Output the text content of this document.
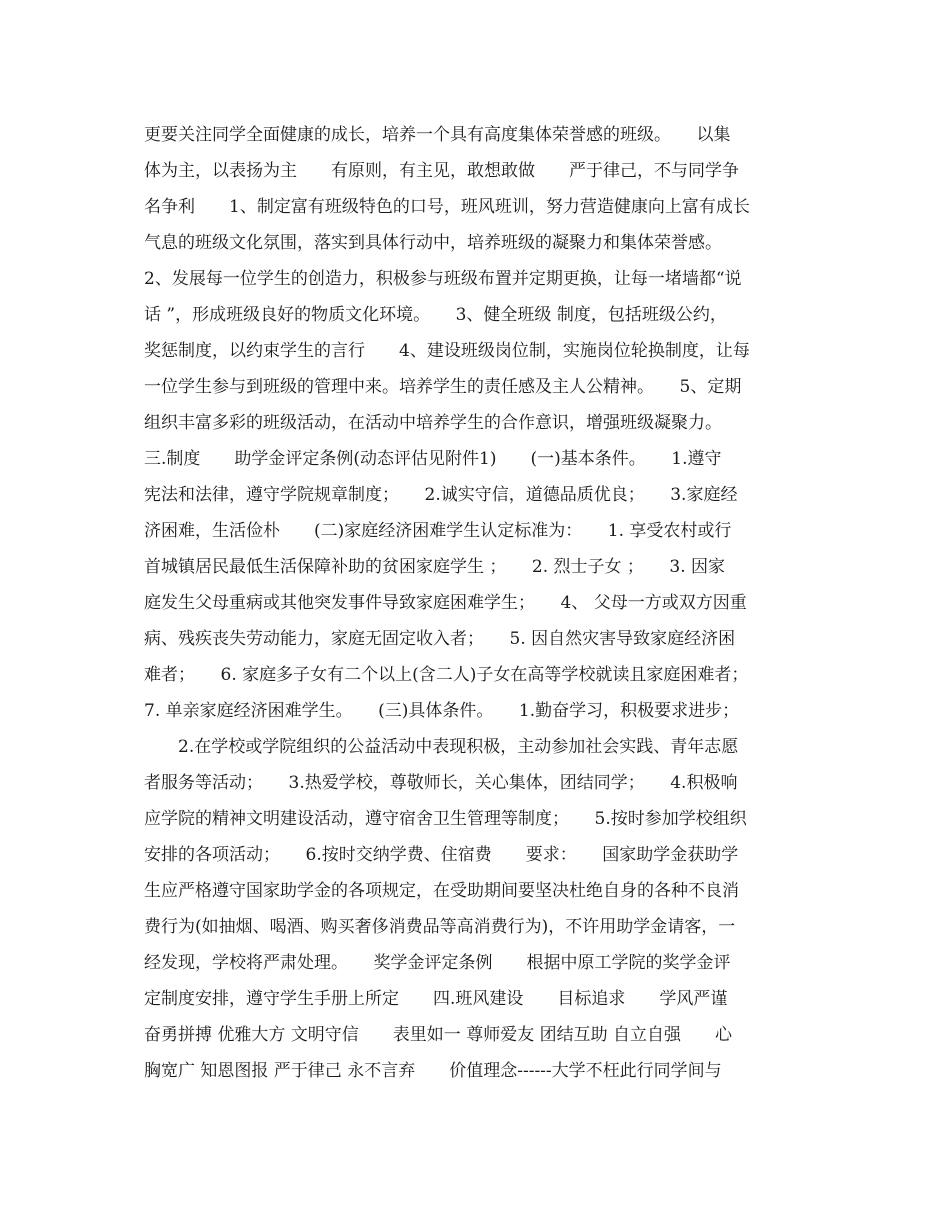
更要关注同学全面健康的成长，培养一个具有高度集体荣誉感的班级。　　以集
体为主，以表扬为主　　有原则，有主见，敢想敢做　　严于律己，不与同学争
名争利　　1、制定富有班级特色的口号，班风班训，努力营造健康向上富有成长
气息的班级文化氛围，落实到具体行动中，培养班级的凝聚力和集体荣誉感。
2、发展每一位学生的创造力，积极参与班级布置并定期更换，让每一堵墙都“说
话 ”，形成班级良好的物质文化环境。　　3、健全班级 制度，包括班级公约，
奖惩制度，以约束学生的言行　　4、建设班级岗位制，实施岗位轮换制度，让每
一位学生参与到班级的管理中来。培养学生的责任感及主人公精神。　　5、定期
组织丰富多彩的班级活动，在活动中培养学生的合作意识，增强班级凝聚力。
三.制度　　助学金评定条例(动态评估见附件1)　　(一)基本条件。　　1.遵守
宪法和法律，遵守学院规章制度；　　2.诚实守信，道德品质优良；　　3.家庭经
济困难，生活俭朴　　(二)家庭经济困难学生认定标准为：　　1. 享受农村或行
首城镇居民最低生活保障补助的贫困家庭学生 ；　　2. 烈士子女 ；　　3. 因家
庭发生父母重病或其他突发事件导致家庭困难学生；　　4、 父母一方或双方因重
病、残疾丧失劳动能力，家庭无固定收入者；　　5. 因自然灾害导致家庭经济困
难者；　　6. 家庭多子女有二个以上(含二人)子女在高等学校就读且家庭困难者；
7. 单亲家庭经济困难学生。　　(三)具体条件。　　1.勤奋学习，积极要求进步；
　　2.在学校或学院组织的公益活动中表现积极，主动参加社会实践、青年志愿
者服务等活动；　　3.热爱学校，尊敬师长，关心集体，团结同学；　　4.积极响
应学院的精神文明建设活动，遵守宿舍卫生管理等制度；　　5.按时参加学校组织
安排的各项活动；　　6.按时交纳学费、住宿费　　要求：　　国家助学金获助学
生应严格遵守国家助学金的各项规定，在受助期间要坚决杜绝自身的各种不良消
费行为(如抽烟、喝酒、购买奢侈消费品等高消费行为)，不许用助学金请客，一
经发现，学校将严肃处理。　　奖学金评定条例　　根据中原工学院的奖学金评
定制度安排，遵守学生手册上所定　　四.班风建设　　目标追求　　学风严谨
奋勇拼搏 优雅大方 文明守信　　表里如一 尊师爱友 团结互助 自立自强　　心
胸宽广 知恩图报 严于律己 永不言弃　　价值理念------大学不枉此行同学间与
